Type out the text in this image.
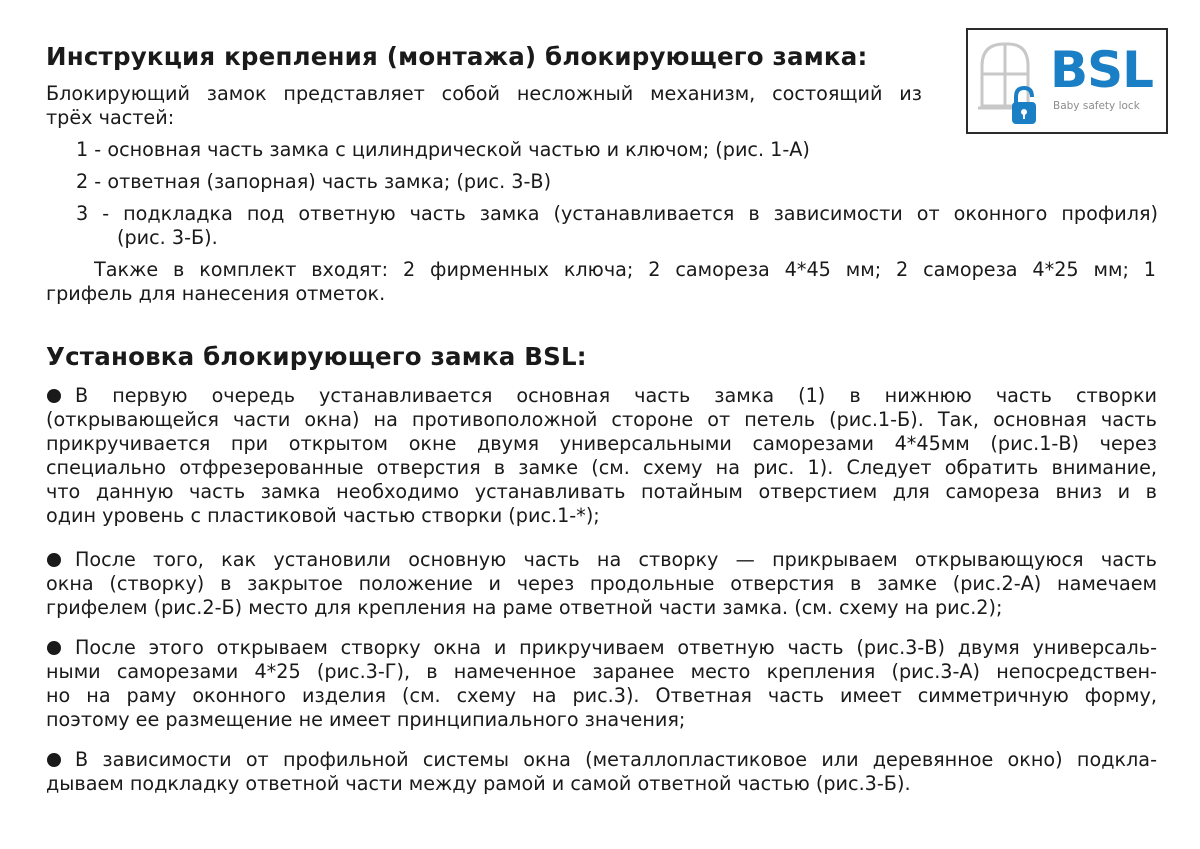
BSL
Baby safety lock
Инструкция крепления (монтажа) блокирующего замка:
Блокирующий замок представляет собой несложный механизм, состоящий из
трёх частей:
1 - основная часть замка с цилиндрической частью и ключом; (рис. 1-А)
2 - ответная (запорная) часть замка; (рис. 3-В)
3 - подкладка под ответную часть замка (устанавливается в зависимости от оконного профиля)
(рис. 3-Б).
Также в комплект входят: 2 фирменных ключа; 2 самореза 4*45 мм; 2 самореза 4*25 мм; 1
грифель для нанесения отметок.
Установка блокирующего замка BSL:
В первую очередь устанавливается основная часть замка (1) в нижнюю часть створки
(открывающейся части окна) на противоположной стороне от петель (рис.1-Б). Так, основная часть
прикручивается при открытом окне двумя универсальными саморезами 4*45мм (рис.1-В) через
специально отфрезерованные отверстия в замке (см. схему на рис. 1). Следует обратить внимание,
что данную часть замка необходимо устанавливать потайным отверстием для самореза вниз и в
один уровень с пластиковой частью створки (рис.1-*);
После того, как установили основную часть на створку — прикрываем открывающуюся часть
окна (створку) в закрытое положение и через продольные отверстия в замке (рис.2-А) намечаем
грифелем (рис.2-Б) место для крепления на раме ответной части замка. (см. схему на рис.2);
После этого открываем створку окна и прикручиваем ответную часть (рис.3-В) двумя универсаль-
ными саморезами 4*25 (рис.3-Г), в намеченное заранее место крепления (рис.3-А) непосредствен-
но на раму оконного изделия (см. схему на рис.3). Ответная часть имеет симметричную форму,
поэтому ее размещение не имеет принципиального значения;
В зависимости от профильной системы окна (металлопластиковое или деревянное окно) подкла-
дываем подкладку ответной части между рамой и самой ответной частью (рис.3-Б).
